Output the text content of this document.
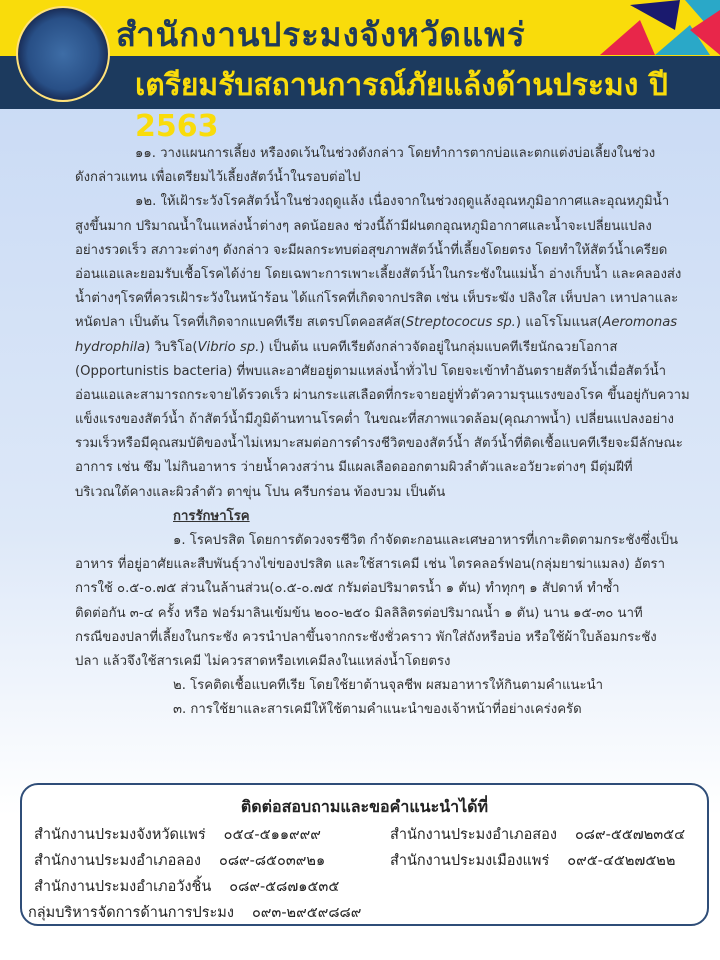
สำนักงานประมงจังหวัดแพร่
เตรียมรับสถานการณ์ภัยแล้งด้านประมง ปี 2563
๑๑. วางแผนการเลี้ยง หรืองดเว้นในช่วงดังกล่าว โดยทำการตากบ่อและตกแต่งบ่อเลี้ยงในช่วง
ดังกล่าวแทน เพื่อเตรียมไว้เลี้ยงสัตว์น้ำในรอบต่อไป
๑๒. ให้เฝ้าระวังโรคสัตว์น้ำในช่วงฤดูแล้ง เนื่องจากในช่วงฤดูแล้งอุณหภูมิอากาศและอุณหภูมิน้ำ
สูงขึ้นมาก ปริมาณน้ำในแหล่งน้ำต่างๆ ลดน้อยลง ช่วงนี้ถ้ามีฝนตกอุณหภูมิอากาศและน้ำจะเปลี่ยนแปลง
อย่างรวดเร็ว สภาวะต่างๆ ดังกล่าว จะมีผลกระทบต่อสุขภาพสัตว์น้ำที่เลี้ยงโดยตรง โดยทำให้สัตว์น้ำเครียด
อ่อนแอและยอมรับเชื้อโรคได้ง่าย โดยเฉพาะการเพาะเลี้ยงสัตว์น้ำในกระชังในแม่น้ำ อ่างเก็บน้ำ และคลองส่ง
น้ำต่างๆโรคที่ควรเฝ้าระวังในหน้าร้อน ได้แก่โรคที่เกิดจากปรสิต เช่น เห็บระฆัง ปลิงใส เห็บปลา เหาปลาและ
หนัดปลา เป็นต้น โรคที่เกิดจากแบคทีเรีย สเตรปโตคอสคัส(Streptococus sp.) แอโรโมแนส(Aeromonas
hydrophila) วิบริโอ(Vibrio sp.) เป็นต้น แบคทีเรียดังกล่าวจัดอยู่ในกลุ่มแบคทีเรียนักฉวยโอกาส
(Opportunistis bacteria) ที่พบและอาศัยอยู่ตามแหล่งน้ำทั่วไป โดยจะเข้าทำอันตรายสัตว์น้ำเมื่อสัตว์น้ำ
อ่อนแอและสามารถกระจายได้รวดเร็ว ผ่านกระแสเลือดที่กระจายอยู่ทั่วตัวความรุนแรงของโรค ขึ้นอยู่กับความ
แข็งแรงของสัตว์น้ำ ถ้าสัตว์น้ำมีภูมิต้านทานโรคต่ำ ในขณะที่สภาพแวดล้อม(คุณภาพน้ำ) เปลี่ยนแปลงอย่าง
รวมเร็วหรือมีคุณสมบัติของน้ำไม่เหมาะสมต่อการดำรงชีวิตของสัตว์น้ำ สัตว์น้ำที่ติดเชื้อแบคทีเรียจะมีลักษณะ
อาการ เช่น ซึม ไม่กินอาหาร ว่ายน้ำควงสว่าน มีแผลเลือดออกตามผิวลำตัวและอวัยวะต่างๆ มีตุ่มฝีที่
บริเวณใต้คางและผิวลำตัว ตาขุ่น โปน ครีบกร่อน ท้องบวม เป็นต้น
การรักษาโรค
๑. โรคปรสิต โดยการตัดวงจรชีวิต กำจัดตะกอนและเศษอาหารที่เกาะติดตามกระชังซึ่งเป็น
อาหาร ที่อยู่อาศัยและสืบพันธุ์วางไข่ของปรสิต และใช้สารเคมี เช่น ไตรคลอร์ฟอน(กลุ่มยาฆ่าแมลง) อัตรา
การใช้ ๐.๕-๐.๗๕ ส่วนในล้านส่วน(๐.๕-๐.๗๕ กรัมต่อปริมาตรน้ำ ๑ ตัน) ทำทุกๆ ๑ สัปดาห์ ทำซ้ำ
ติดต่อกัน ๓-๔ ครั้ง หรือ ฟอร์มาลินเข้มข้น ๒๐๐-๒๕๐ มิลลิลิตรต่อปริมาณน้ำ ๑ ตัน) นาน ๑๕-๓๐ นาที
กรณีของปลาที่เลี้ยงในกระชัง ควรนำปลาขึ้นจากกระชังชั่วคราว พักใส่ถังหรือบ่อ หรือใช้ผ้าใบล้อมกระชัง
ปลา แล้วจึงใช้สารเคมี ไม่ควรสาดหรือเทเคมีลงในแหล่งน้ำโดยตรง
๒. โรคติดเชื้อแบคทีเรีย โดยใช้ยาต้านจุลชีพ ผสมอาหารให้กินตามคำแนะนำ
๓. การใช้ยาและสารเคมีให้ใช้ตามคำแนะนำของเจ้าหน้าที่อย่างเคร่งครัด
ติดต่อสอบถามและขอคำแนะนำได้ที่
สำนักงานประมงจังหวัดแพร่ ๐๕๔-๕๑๑๙๙๙	สำนักงานประมงอำเภอสอง ๐๘๙-๕๕๗๒๓๕๔
สำนักงานประมงอำเภอลอง ๐๘๙-๘๕๐๓๙๒๑	สำนักงานประมงเมืองแพร่ ๐๙๕-๔๕๒๗๕๒๒
สำนักงานประมงอำเภอวังชิ้น ๐๘๙-๕๘๗๑๕๓๕
กลุ่มบริหารจัดการด้านการประมง ๐๙๓-๒๙๕๙๘๘๙
